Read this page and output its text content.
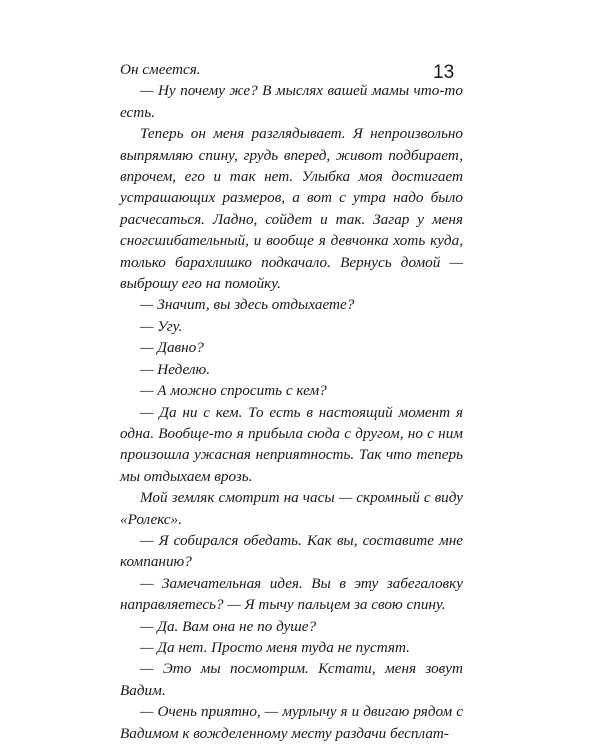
13

Он смеется.

— Ну почему же? В мыслях вашей мамы что-то есть.

Теперь он меня разглядывает. Я непроизвольно выпрямляю спину, грудь вперед, живот подбирает, впрочем, его и так нет. Улыбка моя достигает устрашающих размеров, а вот с утра надо было расчесаться. Ладно, сойдет и так. Загар у меня сногсшибательный, и вообще я девчонка хоть куда, только барахлишко подкачало. Вернусь домой — выброшу его на помойку.

— Значит, вы здесь отдыхаете?

— Угу.

— Давно?

— Неделю.

— А можно спросить с кем?

— Да ни с кем. То есть в настоящий момент я одна. Вообще-то я прибыла сюда с другом, но с ним произошла ужасная неприятность. Так что теперь мы отдыхаем врозь.

Мой земляк смотрит на часы — скромный с виду «Ролекс».

— Я собирался обедать. Как вы, составите мне компанию?

— Замечательная идея. Вы в эту забегаловку направляетесь? — Я тычу пальцем за свою спину.

— Да. Вам она не по душе?

— Да нет. Просто меня туда не пустят.

— Это мы посмотрим. Кстати, меня зовут Вадим.

— Очень приятно, — мурлычу я и двигаю рядом с Вадимом к вожделенному месту раздачи бесплат-
